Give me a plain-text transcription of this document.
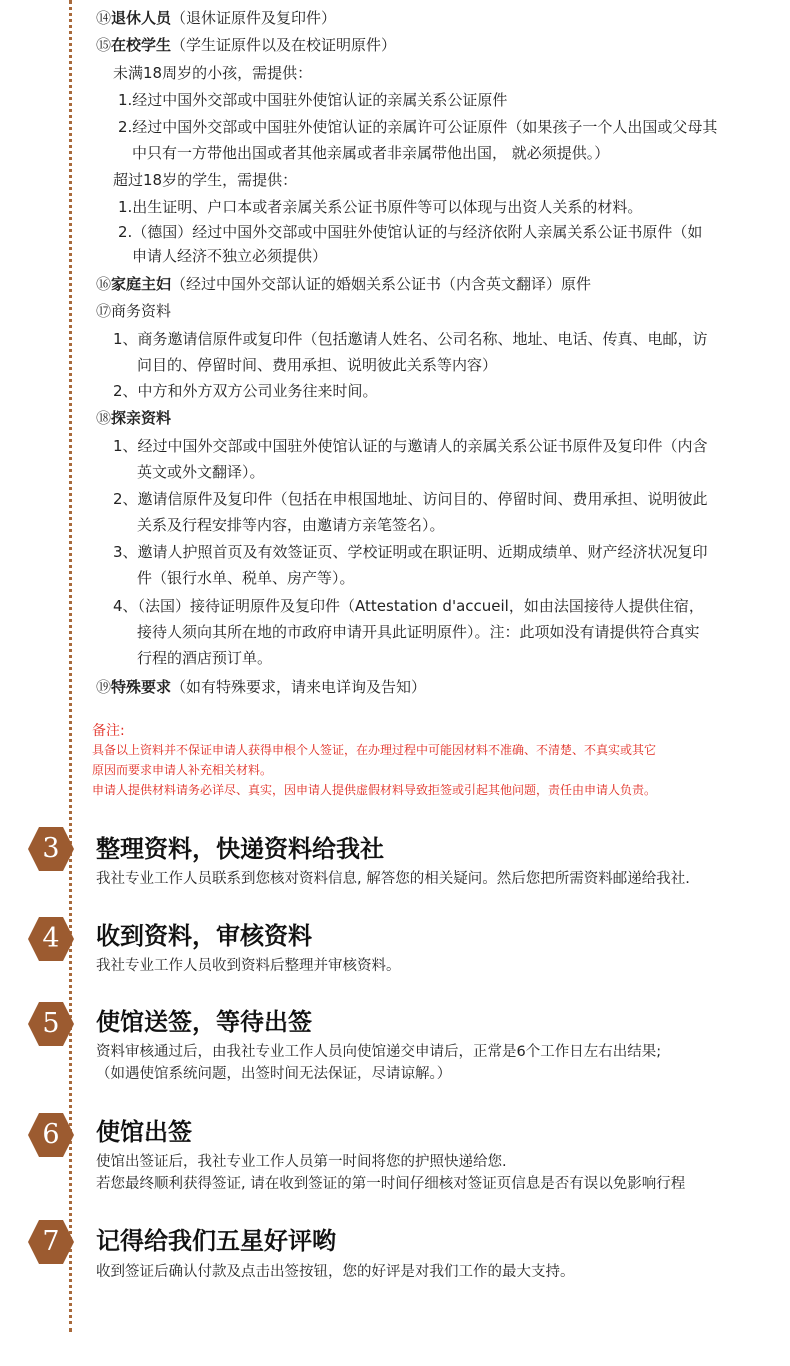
⑭退休人员（退休证原件及复印件）
⑮在校学生（学生证原件以及在校证明原件）
未满18周岁的小孩，需提供：
1.经过中国外交部或中国驻外使馆认证的亲属关系公证原件
2.经过中国外交部或中国驻外使馆认证的亲属许可公证原件（如果孩子一个人出国或父母其
中只有一方带他出国或者其他亲属或者非亲属带他出国， 就必须提供。）
超过18岁的学生，需提供：
1.出生证明、户口本或者亲属关系公证书原件等可以体现与出资人关系的材料。
2.（德国）经过中国外交部或中国驻外使馆认证的与经济依附人亲属关系公证书原件（如
申请人经济不独立必须提供）
⑯家庭主妇（经过中国外交部认证的婚姻关系公证书（内含英文翻译）原件
⑰商务资料
1、商务邀请信原件或复印件（包括邀请人姓名、公司名称、地址、电话、传真、电邮，访
问目的、停留时间、费用承担、说明彼此关系等内容）
2、中方和外方双方公司业务往来时间。
⑱探亲资料
1、经过中国外交部或中国驻外使馆认证的与邀请人的亲属关系公证书原件及复印件（内含
英文或外文翻译）。
2、邀请信原件及复印件（包括在申根国地址、访问目的、停留时间、费用承担、说明彼此
关系及行程安排等内容，由邀请方亲笔签名）。
3、邀请人护照首页及有效签证页、学校证明或在职证明、近期成绩单、财产经济状况复印
件（银行水单、税单、房产等）。
4、（法国）接待证明原件及复印件（Attestation d'accueil，如由法国接待人提供住宿，
接待人须向其所在地的市政府申请开具此证明原件）。注：此项如没有请提供符合真实
行程的酒店预订单。
⑲特殊要求（如有特殊要求，请来电详询及告知）
备注:
具备以上资料并不保证申请人获得申根个人签证，在办理过程中可能因材料不准确、不清楚、不真实或其它
原因而要求申请人补充相关材料。
申请人提供材料请务必详尽、真实，因申请人提供虚假材料导致拒签或引起其他问题，责任由申请人负责。
3	整理资料，快递资料给我社
我社专业工作人员联系到您核对资料信息, 解答您的相关疑问。然后您把所需资料邮递给我社.
4	收到资料，审核资料
我社专业工作人员收到资料后整理并审核资料。
5	使馆送签，等待出签
资料审核通过后，由我社专业工作人员向使馆递交申请后，正常是6个工作日左右出结果;
（如遇使馆系统问题，出签时间无法保证，尽请谅解。）
6	使馆出签
使馆出签证后，我社专业工作人员第一时间将您的护照快递给您.
若您最终顺利获得签证, 请在收到签证的第一时间仔细核对签证页信息是否有误以免影响行程
7	记得给我们五星好评哟
收到签证后确认付款及点击出签按钮，您的好评是对我们工作的最大支持。
